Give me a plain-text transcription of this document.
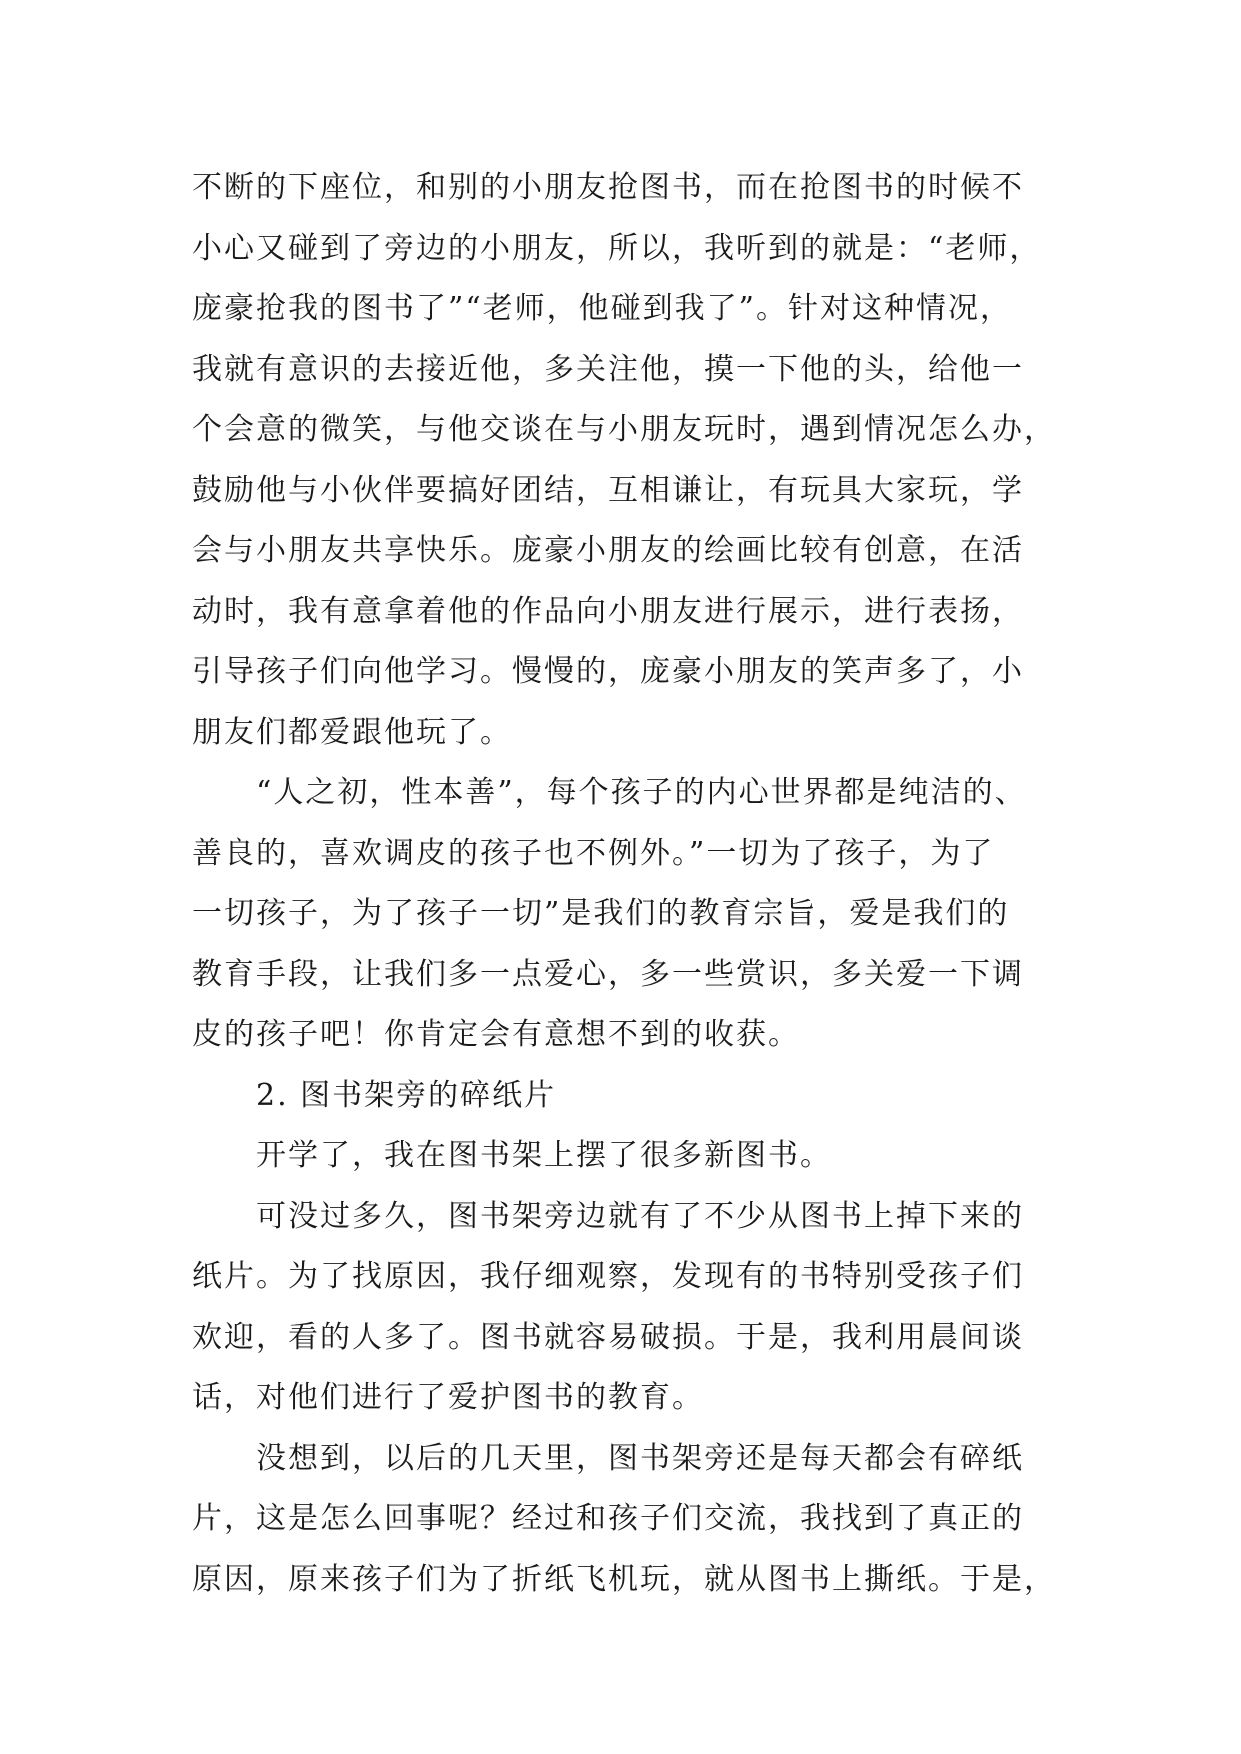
不断的下座位，和别的小朋友抢图书，而在抢图书的时候不
小心又碰到了旁边的小朋友，所以，我听到的就是：“老师，
庞豪抢我的图书了”“老师，他碰到我了”。针对这种情况，
我就有意识的去接近他，多关注他，摸一下他的头，给他一
个会意的微笑，与他交谈在与小朋友玩时，遇到情况怎么办，
鼓励他与小伙伴要搞好团结，互相谦让，有玩具大家玩，学
会与小朋友共享快乐。庞豪小朋友的绘画比较有创意，在活
动时，我有意拿着他的作品向小朋友进行展示，进行表扬，
引导孩子们向他学习。慢慢的，庞豪小朋友的笑声多了，小
朋友们都爱跟他玩了。
“人之初，性本善”，每个孩子的内心世界都是纯洁的、
善良的，喜欢调皮的孩子也不例外。”一切为了孩子，为了
一切孩子，为了孩子一切”是我们的教育宗旨，爱是我们的
教育手段，让我们多一点爱心，多一些赏识，多关爱一下调
皮的孩子吧！你肯定会有意想不到的收获。
2. 图书架旁的碎纸片
开学了，我在图书架上摆了很多新图书。
可没过多久，图书架旁边就有了不少从图书上掉下来的
纸片。为了找原因，我仔细观察，发现有的书特别受孩子们
欢迎，看的人多了。图书就容易破损。于是，我利用晨间谈
话，对他们进行了爱护图书的教育。
没想到，以后的几天里，图书架旁还是每天都会有碎纸
片，这是怎么回事呢？经过和孩子们交流，我找到了真正的
原因，原来孩子们为了折纸飞机玩，就从图书上撕纸。于是，
